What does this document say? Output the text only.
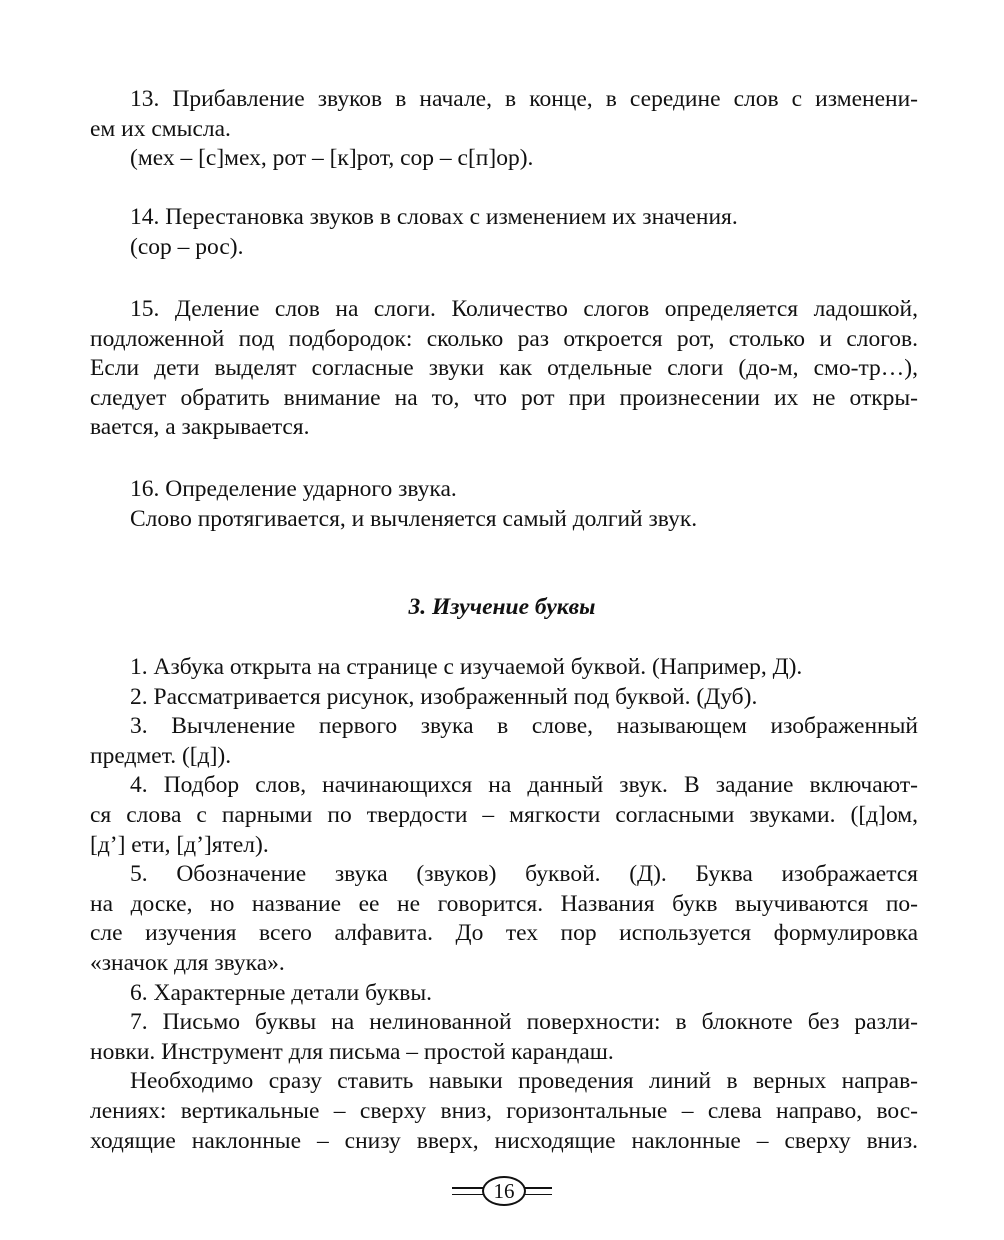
13. Прибавление звуков в начале, в конце, в середине слов с изменени-
ем их смысла.
(мех – [с]мех, рот – [к]рот, сор – с[п]ор).
14. Перестановка звуков в словах с изменением их значения.
(сор – рос).
15. Деление слов на слоги. Количество слогов определяется ладошкой,
подложенной под подбородок: сколько раз откроется рот, столько и слогов.
Если дети выделят согласные звуки как отдельные слоги (до-м, смо-тр…),
следует обратить внимание на то, что рот при произнесении их не откры-
вается, а закрывается.
16. Определение ударного звука.
Слово протягивается, и вычленяется самый долгий звук.
3. Изучение буквы
1. Азбука открыта на странице с изучаемой буквой. (Например, Д).
2. Рассматривается рисунок, изображенный под буквой. (Дуб).
3. Вычленение первого звука в слове, называющем изображенный
предмет. ([д]).
4. Подбор слов, начинающихся на данный звук. В задание включают-
ся слова с парными по твердости – мягкости согласными звуками. ([д]ом,
[д’] ети, [д’]ятел).
5. Обозначение звука (звуков) буквой. (Д). Буква изображается
на доске, но название ее не говорится. Названия букв выучиваются по-
сле изучения всего алфавита. До тех пор используется формулировка
«значок для звука».
6. Характерные детали буквы.
7. Письмо буквы на нелинованной поверхности: в блокноте без разли-
новки. Инструмент для письма – простой карандаш.
Необходимо сразу ставить навыки проведения линий в верных направ-
лениях: вертикальные – сверху вниз, горизонтальные – слева направо, вос-
ходящие наклонные – снизу вверх, нисходящие наклонные – сверху вниз.
16
